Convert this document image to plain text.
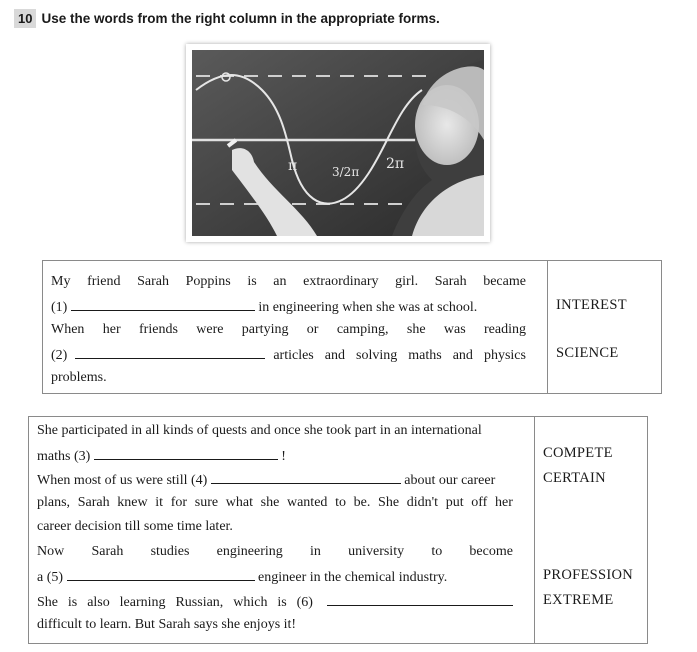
10 Use the words from the right column in the appropriate forms.
π	3/2π 2π
My friend Sarah Poppins is an extraordinary girl. Sarah became
(1)	in engineering when she was at school.
When her friends were partying or camping, she was reading
(2)	articles and solving maths and physics
problems.
INTEREST
SCIENCE
She participated in all kinds of quests and once she took part in an international
maths (3)	!
When most of us were still (4)	about our career
plans, Sarah knew it for sure what she wanted to be. She didn't put off her
career decision till some time later.
Now Sarah studies engineering in university to become
a (5)	engineer in the chemical industry.
She is also learning Russian, which is (6)
difficult to learn. But Sarah says she enjoys it!
COMPETE
CERTAIN
PROFESSION
EXTREME
